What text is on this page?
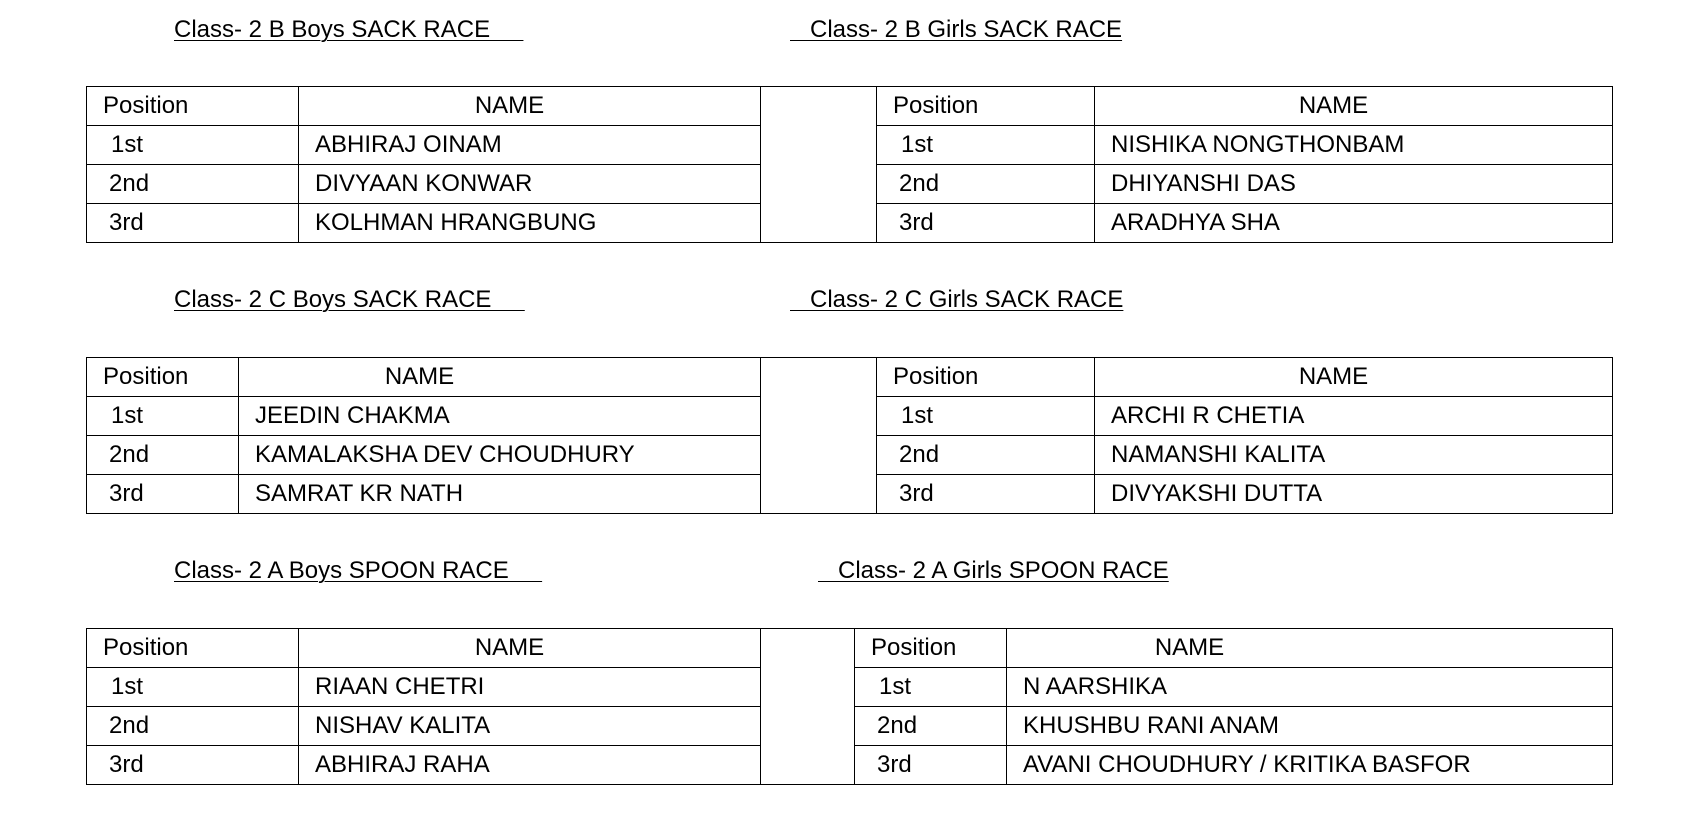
Class- 2 B Boys SACK RACE	Class- 2 B Girls SACK RACE
Position	NAME
1st	ABHIRAJ OINAM
2nd	DIVYAAN KONWAR
3rd	KOLHMAN HRANGBUNG
Position	NAME
1st	NISHIKA NONGTHONBAM
2nd	DHIYANSHI DAS
3rd	ARADHYA SHA
Class- 2 C Boys SACK RACE	Class- 2 C Girls SACK RACE
Position	NAME
1st	JEEDIN CHAKMA
2nd	KAMALAKSHA DEV CHOUDHURY
3rd	SAMRAT KR NATH
Position	NAME
1st	ARCHI R CHETIA
2nd	NAMANSHI KALITA
3rd	DIVYAKSHI DUTTA
Class- 2 A Boys SPOON RACE	Class- 2 A Girls SPOON RACE
Position	NAME
1st	RIAAN CHETRI
2nd	NISHAV KALITA
3rd	ABHIRAJ RAHA
Position	NAME
1st	N AARSHIKA
2nd	KHUSHBU RANI ANAM
3rd	AVANI CHOUDHURY / KRITIKA BASFOR
